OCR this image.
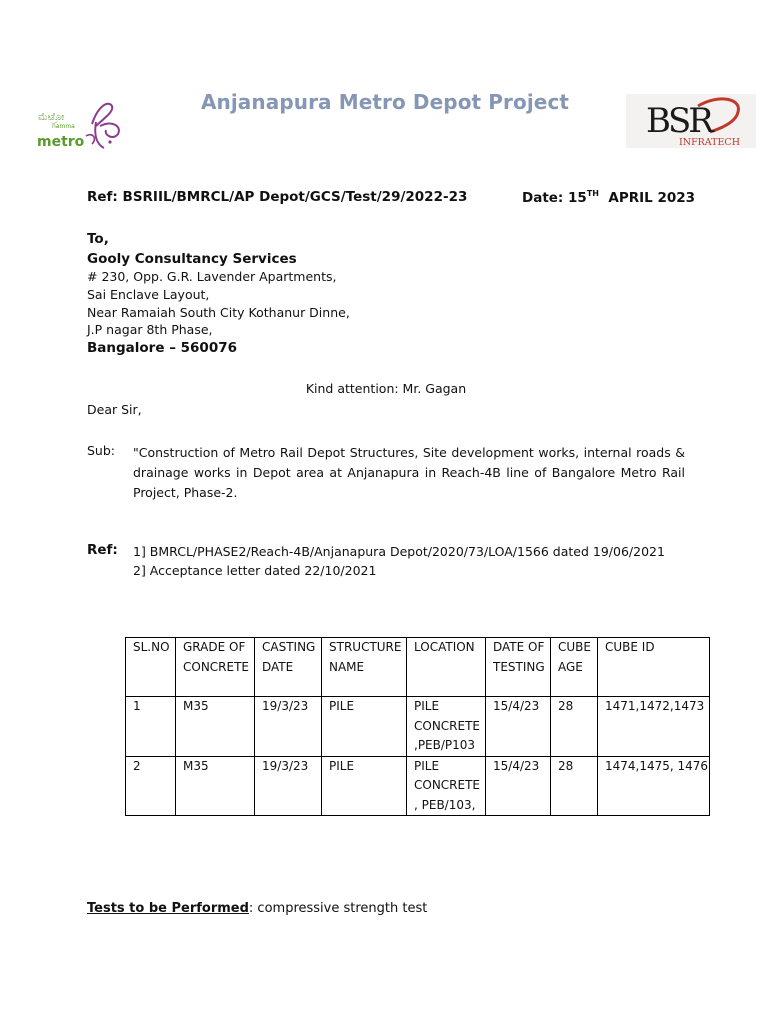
ಮೆಟ್ರೋ
namma
metro
Anjanapura Metro Depot Project	BSR
INFRATECH
Ref: BSRIIL/BMRCL/AP Depot/GCS/Test/29/2022-23	Date: 15TH APRIL 2023
To,
Gooly Consultancy Services
# 230, Opp. G.R. Lavender Apartments,
Sai Enclave Layout,
Near Ramaiah South City Kothanur Dinne,
J.P nagar 8th Phase,
Bangalore – 560076
Kind attention: Mr. Gagan
Dear Sir,
Sub: "Construction of Metro Rail Depot Structures, Site development works, internal roads & drainage works in Depot area at Anjanapura in Reach-4B line of Bangalore Metro Rail Project, Phase-2.
Ref: 1] BMRCL/PHASE2/Reach-4B/Anjanapura Depot/2020/73/LOA/1566 dated 19/06/2021
2] Acceptance letter dated 22/10/2021
SL.NO	GRADE OF CONCRETE	CASTING DATE	STRUCTURE NAME	LOCATION	DATE OF TESTING	CUBE AGE	CUBE ID
1	M35	19/3/23	PILE	PILE CONCRETE ,PEB/P103	15/4/23	28	1471,1472,1473
2	M35	19/3/23	PILE	PILE CONCRETE , PEB/103,	15/4/23	28	1474,1475, 1476
Tests to be Performed: compressive strength test
